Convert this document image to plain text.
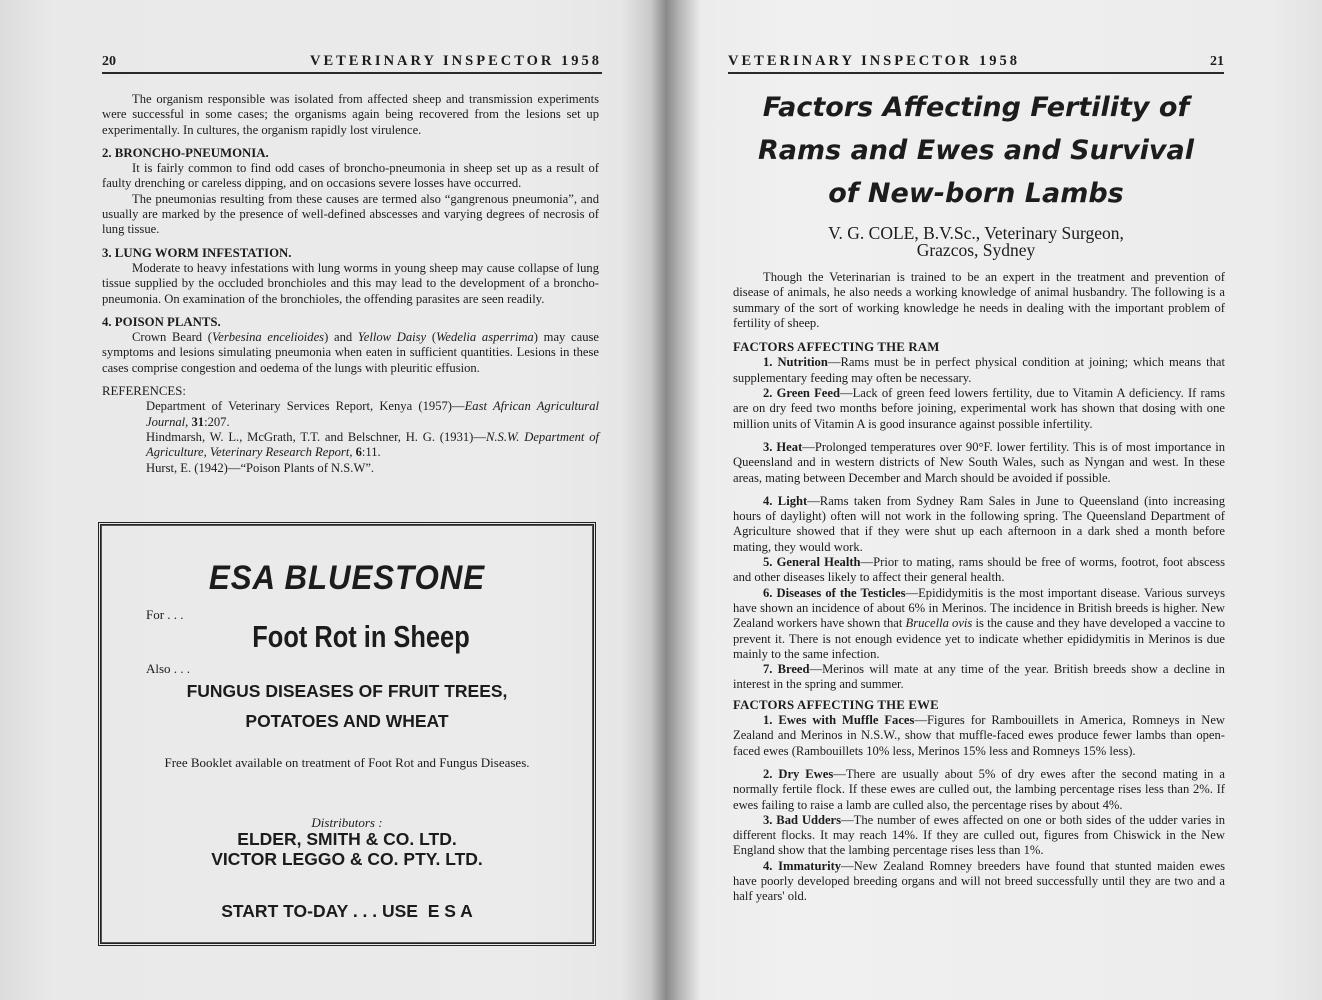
20	VETERINARY INSPECTOR 1958

The organism responsible was isolated from affected sheep and transmission experiments were successful in some cases; the organisms again being recovered from the lesions set up experimentally. In cultures, the organism rapidly lost virulence.

2. BRONCHO-PNEUMONIA.

It is fairly common to find odd cases of broncho-pneumonia in sheep set up as a result of faulty drenching or careless dipping, and on occasions severe losses have occurred.

The pneumonias resulting from these causes are termed also “gangrenous pneumonia”, and usually are marked by the presence of well-defined abscesses and varying degrees of necrosis of lung tissue.

3. LUNG WORM INFESTATION.

Moderate to heavy infestations with lung worms in young sheep may cause collapse of lung tissue supplied by the occluded bronchioles and this may lead to the development of a broncho-pneumonia. On examination of the bronchioles, the offending parasites are seen readily.

4. POISON PLANTS.

Crown Beard (Verbesina encelioides) and Yellow Daisy (Wedelia asperrima) may cause symptoms and lesions simulating pneumonia when eaten in sufficient quantities. Lesions in these cases comprise congestion and oedema of the lungs with pleuritic effusion.

REFERENCES:

Department of Veterinary Services Report, Kenya (1957)—East African Agricultural Journal, 31:207.

Hindmarsh, W. L., McGrath, T.T. and Belschner, H. G. (1931)—N.S.W. Department of Agriculture, Veterinary Research Report, 6:11.

Hurst, E. (1942)—“Poison Plants of N.S.W”.

ESA BLUESTONE
For . . .
Foot Rot in Sheep
Also . . .
FUNGUS DISEASES OF FRUIT TREES,
POTATOES AND WHEAT
Free Booklet available on treatment of Foot Rot and Fungus Diseases.
Distributors :
ELDER, SMITH & CO. LTD.
VICTOR LEGGO & CO. PTY. LTD.
START TO-DAY . . . USE  E S A
VETERINARY INSPECTOR 1958	21
Factors Affecting Fertility of
Rams and Ewes and Survival
of New-born Lambs
V. G. COLE, B.V.Sc., Veterinary Surgeon,
Grazcos, Sydney

Though the Veterinarian is trained to be an expert in the treatment and prevention of disease of animals, he also needs a working knowledge of animal husbandry. The following is a summary of the sort of working knowledge he needs in dealing with the important problem of fertility of sheep.

FACTORS AFFECTING THE RAM

1. Nutrition—Rams must be in perfect physical condition at joining; which means that supplementary feeding may often be necessary.

2. Green Feed—Lack of green feed lowers fertility, due to Vitamin A deficiency. If rams are on dry feed two months before joining, experimental work has shown that dosing with one million units of Vitamin A is good insurance against possible infertility.

3. Heat—Prolonged temperatures over 90°F. lower fertility. This is of most importance in Queensland and in western districts of New South Wales, such as Nyngan and west. In these areas, mating between December and March should be avoided if possible.

4. Light—Rams taken from Sydney Ram Sales in June to Queensland (into increasing hours of daylight) often will not work in the following spring. The Queensland Department of Agriculture showed that if they were shut up each afternoon in a dark shed a month before mating, they would work.

5. General Health—Prior to mating, rams should be free of worms, footrot, foot abscess and other diseases likely to affect their general health.

6. Diseases of the Testicles—Epididymitis is the most important disease. Various surveys have shown an incidence of about 6% in Merinos. The incidence in British breeds is higher. New Zealand workers have shown that Brucella ovis is the cause and they have developed a vaccine to prevent it. There is not enough evidence yet to indicate whether epididymitis in Merinos is due mainly to the same infection.

7. Breed—Merinos will mate at any time of the year. British breeds show a decline in interest in the spring and summer.

FACTORS AFFECTING THE EWE

1. Ewes with Muffle Faces—Figures for Rambouillets in America, Romneys in New Zealand and Merinos in N.S.W., show that muffle-faced ewes produce fewer lambs than open-faced ewes (Rambouillets 10% less, Merinos 15% less and Romneys 15% less).

2. Dry Ewes—There are usually about 5% of dry ewes after the second mating in a normally fertile flock. If these ewes are culled out, the lambing percentage rises less than 2%. If ewes failing to raise a lamb are culled also, the percentage rises by about 4%.

3. Bad Udders—The number of ewes affected on one or both sides of the udder varies in different flocks. It may reach 14%. If they are culled out, figures from Chiswick in the New England show that the lambing percentage rises less than 1%.

4. Immaturity—New Zealand Romney breeders have found that stunted maiden ewes have poorly developed breeding organs and will not breed successfully until they are two and a half years' old.
